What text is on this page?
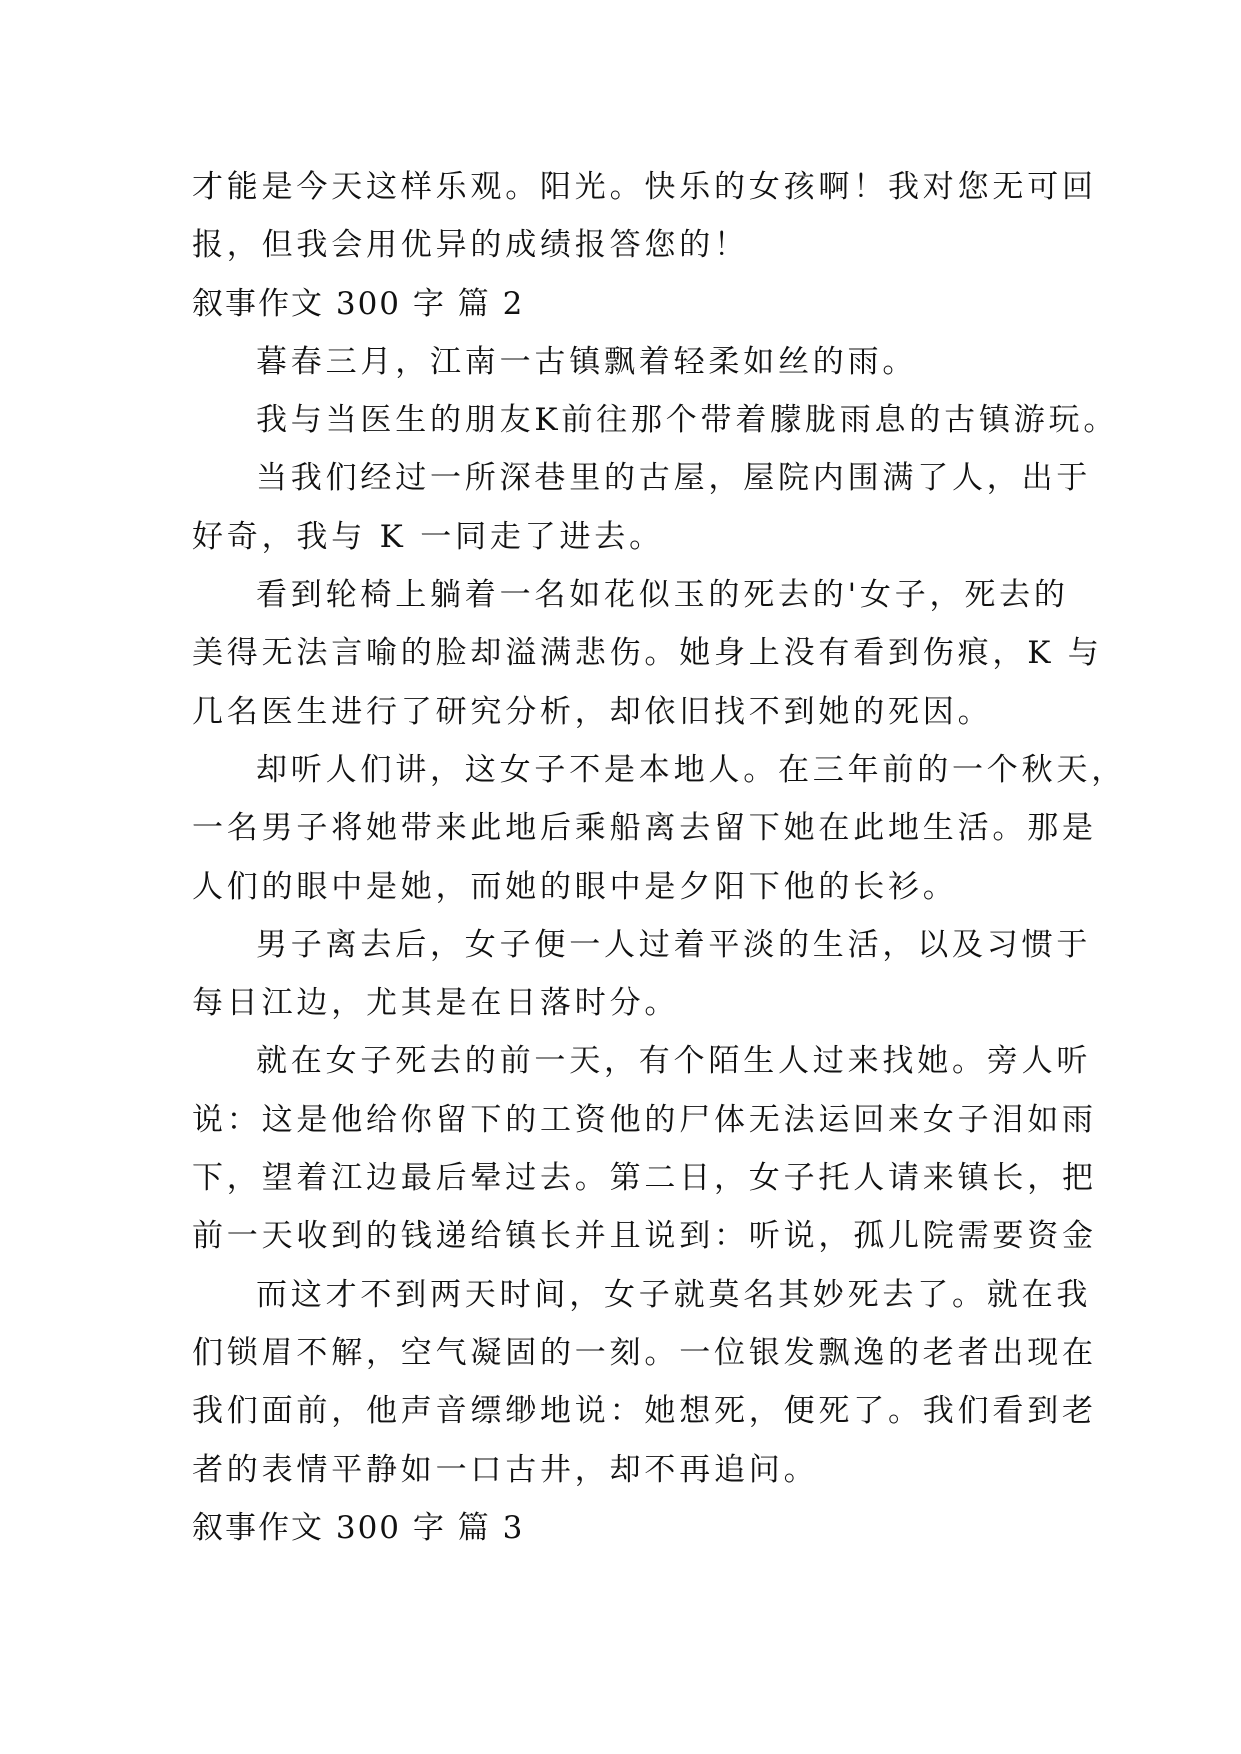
才能是今天这样乐观。阳光。快乐的女孩啊！我对您无可回
报，但我会用优异的成绩报答您的！
叙事作文 300 字 篇 2
暮春三月，江南一古镇飘着轻柔如丝的雨。
我与当医生的朋友K前往那个带着朦胧雨息的古镇游玩。
当我们经过一所深巷里的古屋，屋院内围满了人，出于
好奇，我与 K 一同走了进去。
看到轮椅上躺着一名如花似玉的死去的'女子，死去的
美得无法言喻的脸却溢满悲伤。她身上没有看到伤痕，K 与
几名医生进行了研究分析，却依旧找不到她的死因。
却听人们讲，这女子不是本地人。在三年前的一个秋天，
一名男子将她带来此地后乘船离去留下她在此地生活。那是
人们的眼中是她，而她的眼中是夕阳下他的长衫。
男子离去后，女子便一人过着平淡的生活，以及习惯于
每日江边，尤其是在日落时分。
就在女子死去的前一天，有个陌生人过来找她。旁人听
说：这是他给你留下的工资他的尸体无法运回来女子泪如雨
下，望着江边最后晕过去。第二日，女子托人请来镇长，把
前一天收到的钱递给镇长并且说到：听说，孤儿院需要资金
而这才不到两天时间，女子就莫名其妙死去了。就在我
们锁眉不解，空气凝固的一刻。一位银发飘逸的老者出现在
我们面前，他声音缥缈地说：她想死，便死了。我们看到老
者的表情平静如一口古井，却不再追问。
叙事作文 300 字 篇 3
